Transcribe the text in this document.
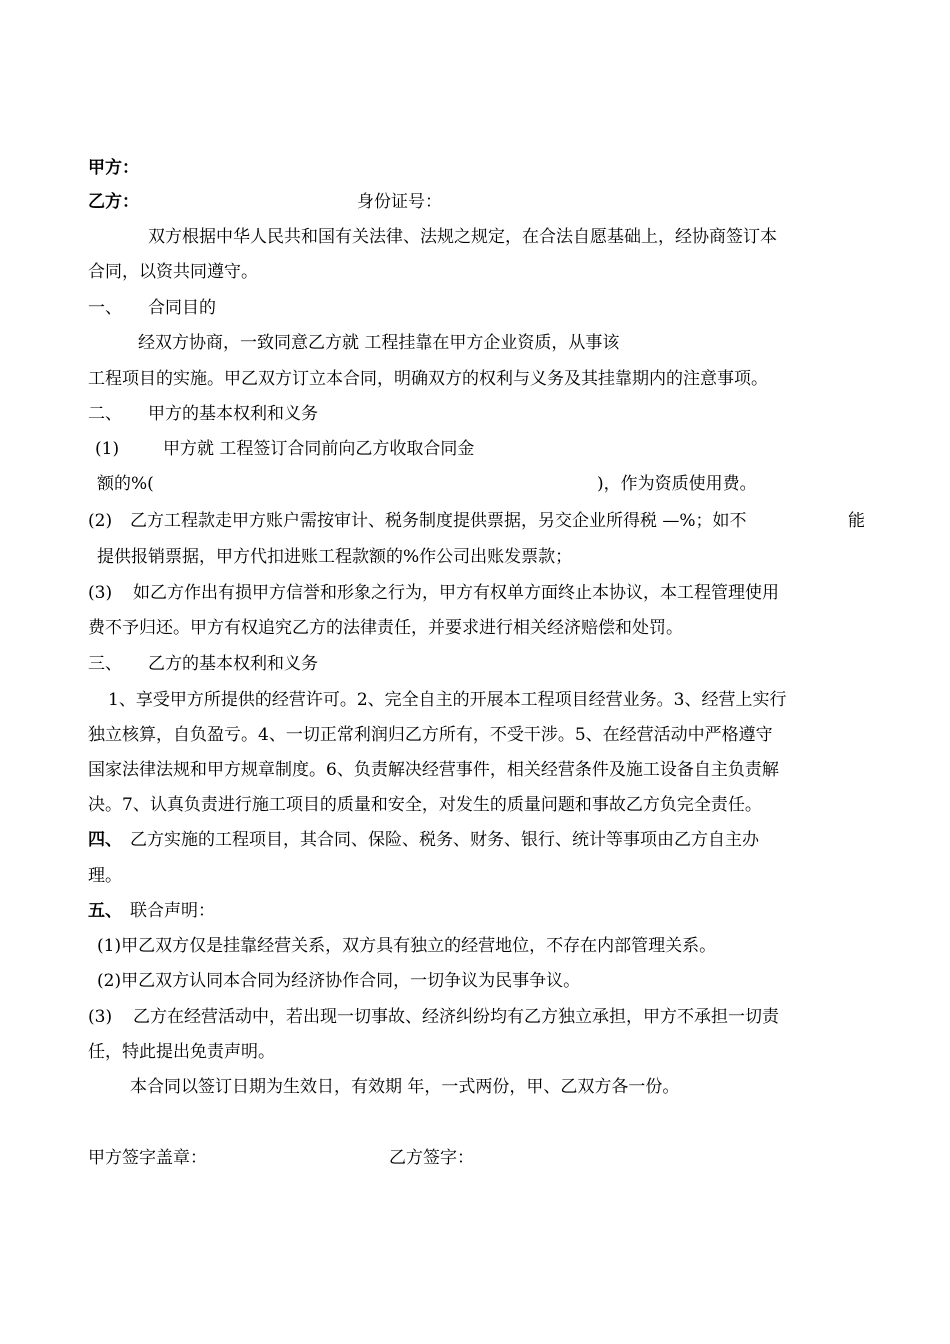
甲方：
乙方：	身份证号：
双方根据中华人民共和国有关法律、法规之规定，在合法自愿基础上，经协商签订本
合同，以资共同遵守。
一、 合同目的
经双方协商，一致同意乙方就 工程挂靠在甲方企业资质，从事该
工程项目的实施。甲乙双方订立本合同，明确双方的权利与义务及其挂靠期内的注意事项。
二、 甲方的基本权利和义务
(1)	甲方就 工程签订合同前向乙方收取合同金
额的%(	)，作为资质使用费。
(2) 乙方工程款走甲方账户需按审计、税务制度提供票据，另交企业所得税 —%；如不	能
提供报销票据，甲方代扣进账工程款额的%作公司出账发票款；
(3) 如乙方作出有损甲方信誉和形象之行为，甲方有权单方面终止本协议，本工程管理使用
费不予归还。甲方有权追究乙方的法律责任，并要求进行相关经济赔偿和处罚。
三、 乙方的基本权利和义务
1、享受甲方所提供的经营许可。2、完全自主的开展本工程项目经营业务。3、经营上实行
独立核算，自负盈亏。4、一切正常利润归乙方所有，不受干涉。5、在经营活动中严格遵守
国家法律法规和甲方规章制度。6、负责解决经营事件，相关经营条件及施工设备自主负责解
决。7、认真负责进行施工项目的质量和安全，对发生的质量问题和事故乙方负完全责任。
四、 乙方实施的工程项目，其合同、保险、税务、财务、银行、统计等事项由乙方自主办
理。
五、 联合声明：
(1)甲乙双方仅是挂靠经营关系，双方具有独立的经营地位，不存在内部管理关系。
(2)甲乙双方认同本合同为经济协作合同，一切争议为民事争议。
(3) 乙方在经营活动中，若出现一切事故、经济纠纷均有乙方独立承担，甲方不承担一切责
任，特此提出免责声明。
本合同以签订日期为生效日，有效期 年，一式两份，甲、乙双方各一份。
甲方签字盖章：	乙方签字：
